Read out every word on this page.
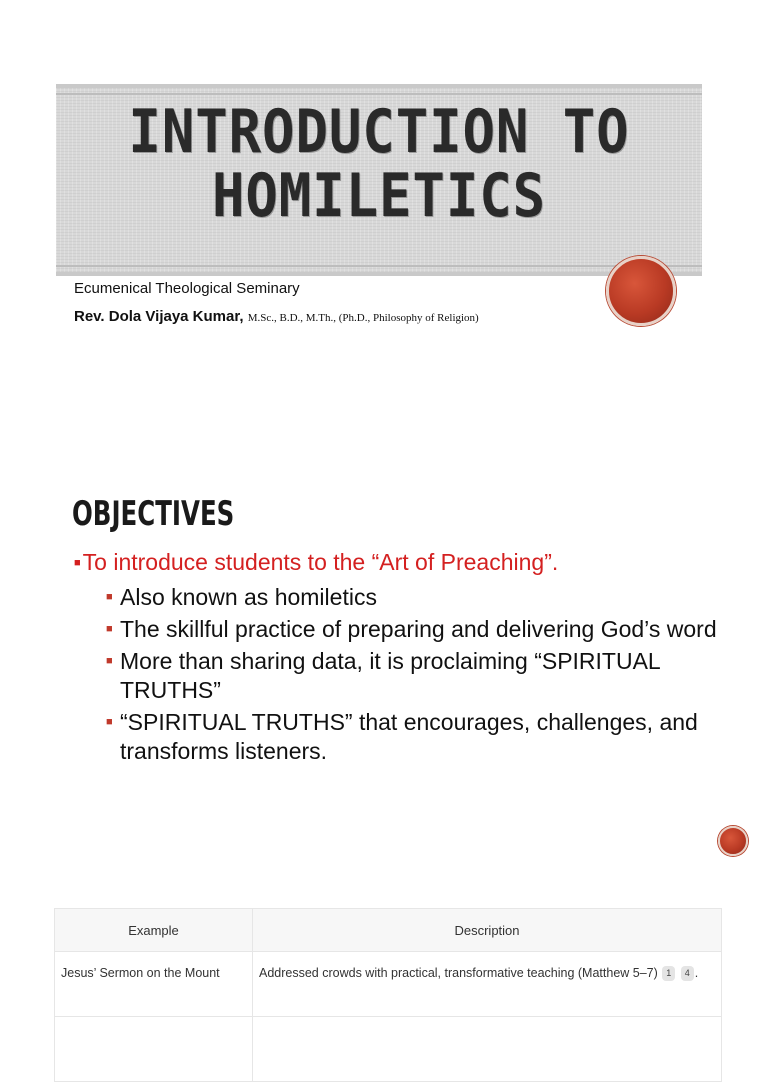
INTRODUCTION TO
HOMILETICS
Ecumenical Theological Seminary
Rev. Dola Vijaya Kumar, M.Sc., B.D., M.Th., (Ph.D., Philosophy of Religion)
OBJECTIVES
■To introduce students to the “Art of Preaching”.
■ Also known as homiletics
■ The skillful practice of preparing and delivering God’s word
■ More than sharing data, it is proclaiming “SPIRITUAL TRUTHS”
■ “SPIRITUAL TRUTHS” that encourages, challenges, and transforms listeners.
Example	Description
Jesus’ Sermon on the Mount	Addressed crowds with practical, transformative teaching (Matthew 5–7) 1 4 .
